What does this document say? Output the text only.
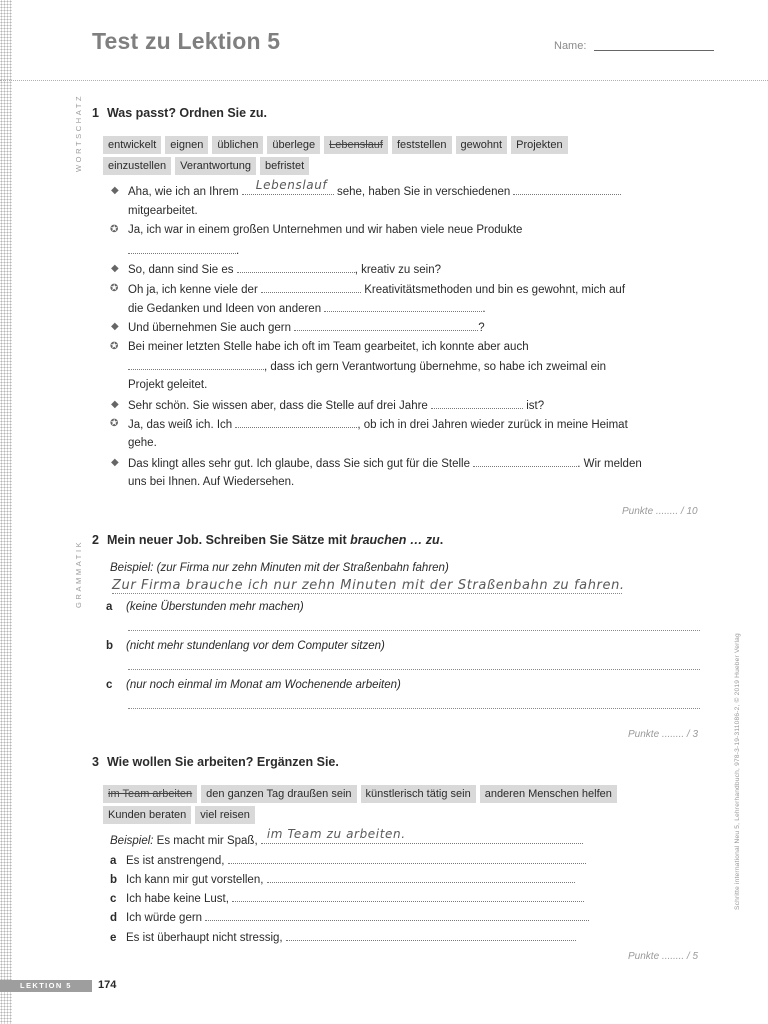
Test zu Lektion 5	Name:
WORTSCHATZ 1 Was passt? Ordnen Sie zu.
entwickelt	eignen	üblichen	überlege	Lebenslauf	feststellen	gewohnt	Projekten
einzustellen	Verantwortung	befristet
◆ Aha, wie ich an Ihrem Lebenslauf sehe, haben Sie in verschiedenen
mitgearbeitet.
✪ Ja, ich war in einem großen Unternehmen und wir haben viele neue Produkte
.
◆ So, dann sind Sie es	, kreativ zu sein?
✪ Oh ja, ich kenne viele der	Kreativitätsmethoden und bin es gewohnt, mich auf
die Gedanken und Ideen von anderen	.
◆ Und übernehmen Sie auch gern	?
✪ Bei meiner letzten Stelle habe ich oft im Team gearbeitet, ich konnte aber auch
, dass ich gern Verantwortung übernehme, so habe ich zweimal ein
Projekt geleitet.
◆ Sehr schön. Sie wissen aber, dass die Stelle auf drei Jahre	ist?
✪ Ja, das weiß ich. Ich	, ob ich in drei Jahren wieder zurück in meine Heimat
gehe.
◆ Das klingt alles sehr gut. Ich glaube, dass Sie sich gut für die Stelle	. Wir melden
uns bei Ihnen. Auf Wiedersehen.
Punkte ........ / 10
GRAMMATIK 2 Mein neuer Job. Schreiben Sie Sätze mit brauchen … zu.
Beispiel: (zur Firma nur zehn Minuten mit der Straßenbahn fahren)
Zur Firma brauche ich nur zehn Minuten mit der Straßenbahn zu fahren.
a (keine Überstunden mehr machen)
b (nicht mehr stundenlang vor dem Computer sitzen)
c (nur noch einmal im Monat am Wochenende arbeiten)
Punkte ........ / 3
3 Wie wollen Sie arbeiten? Ergänzen Sie.
im Team arbeiten	den ganzen Tag draußen sein	künstlerisch tätig sein	anderen Menschen helfen
Kunden beraten	viel reisen
Beispiel: Es macht mir Spaß, im Team zu arbeiten.
a Es ist anstrengend,
b Ich kann mir gut vorstellen,
c Ich habe keine Lust,
d Ich würde gern
e Es ist überhaupt nicht stressig,
Punkte ........ / 5
Schritte international Neu 5, Lehrerhandbuch, 978-3-19-311086-2, © 2019 Hueber Verlag
LEKTION 5 174
